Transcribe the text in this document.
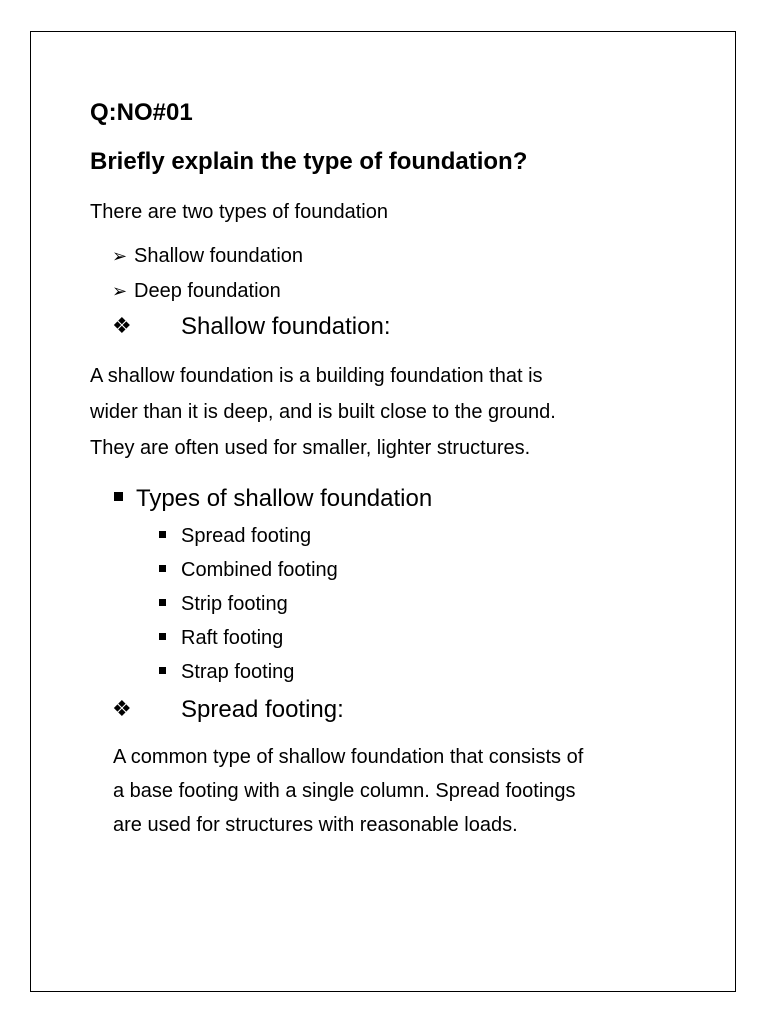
Q:NO#01
Briefly explain the type of foundation?
There are two types of foundation
➢ Shallow foundation
➢ Deep foundation
❖ Shallow foundation:
A shallow foundation is a building foundation that is
wider than it is deep, and is built close to the ground.
They are often used for smaller, lighter structures.
Types of shallow foundation
Spread footing
Combined footing
Strip footing
Raft footing
Strap footing
❖ Spread footing:
A common type of shallow foundation that consists of
a base footing with a single column. Spread footings
are used for structures with reasonable loads.
